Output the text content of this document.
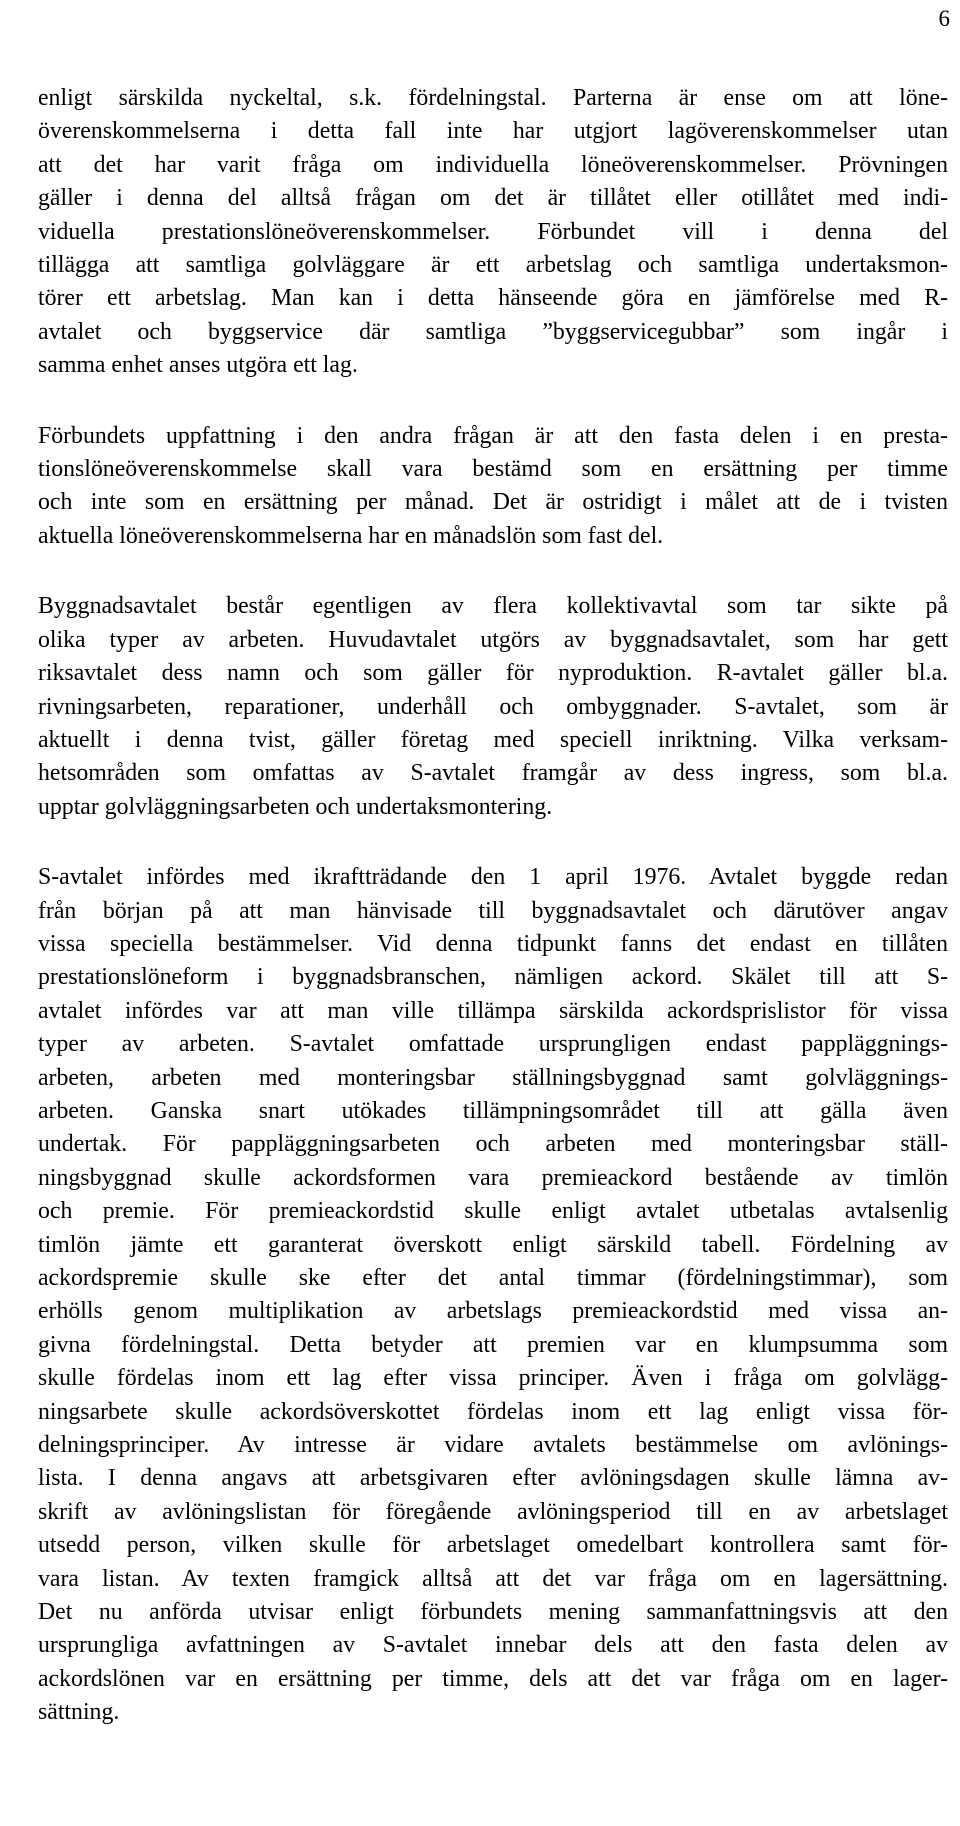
6

enligt särskilda nyckeltal, s.k. fördelningstal. Parterna är ense om att löne-
överenskommelserna i detta fall inte har utgjort lagöverenskommelser utan
att det har varit fråga om individuella löneöverenskommelser. Prövningen
gäller i denna del alltså frågan om det är tillåtet eller otillåtet med indi-
viduella prestationslöneöverenskommelser. Förbundet vill i denna del
tillägga att samtliga golvläggare är ett arbetslag och samtliga undertaksmon-
törer ett arbetslag. Man kan i detta hänseende göra en jämförelse med R-
avtalet och byggservice där samtliga ”byggservicegubbar” som ingår i
samma enhet anses utgöra ett lag.

Förbundets uppfattning i den andra frågan är att den fasta delen i en presta-
tionslöneöverenskommelse skall vara bestämd som en ersättning per timme
och inte som en ersättning per månad. Det är ostridigt i målet att de i tvisten
aktuella löneöverenskommelserna har en månadslön som fast del.

Byggnadsavtalet består egentligen av flera kollektivavtal som tar sikte på
olika typer av arbeten. Huvudavtalet utgörs av byggnadsavtalet, som har gett
riksavtalet dess namn och som gäller för nyproduktion. R-avtalet gäller bl.a.
rivningsarbeten, reparationer, underhåll och ombyggnader. S-avtalet, som är
aktuellt i denna tvist, gäller företag med speciell inriktning. Vilka verksam-
hetsområden som omfattas av S-avtalet framgår av dess ingress, som bl.a.
upptar golvläggningsarbeten och undertaksmontering.

S-avtalet infördes med ikraftträdande den 1 april 1976. Avtalet byggde redan
från början på att man hänvisade till byggnadsavtalet och därutöver angav
vissa speciella bestämmelser. Vid denna tidpunkt fanns det endast en tillåten
prestationslöneform i byggnadsbranschen, nämligen ackord. Skälet till att S-
avtalet infördes var att man ville tillämpa särskilda ackordsprislistor för vissa
typer av arbeten. S-avtalet omfattade ursprungligen endast pappläggnings-
arbeten, arbeten med monteringsbar ställningsbyggnad samt golvläggnings-
arbeten. Ganska snart utökades tillämpningsområdet till att gälla även
undertak. För pappläggningsarbeten och arbeten med monteringsbar ställ-
ningsbyggnad skulle ackordsformen vara premieackord bestående av timlön
och premie. För premieackordstid skulle enligt avtalet utbetalas avtalsenlig
timlön jämte ett garanterat överskott enligt särskild tabell. Fördelning av
ackordspremie skulle ske efter det antal timmar (fördelningstimmar), som
erhölls genom multiplikation av arbetslags premieackordstid med vissa an-
givna fördelningstal. Detta betyder att premien var en klumpsumma som
skulle fördelas inom ett lag efter vissa principer. Även i fråga om golvlägg-
ningsarbete skulle ackordsöverskottet fördelas inom ett lag enligt vissa för-
delningsprinciper. Av intresse är vidare avtalets bestämmelse om avlönings-
lista. I denna angavs att arbetsgivaren efter avlöningsdagen skulle lämna av-
skrift av avlöningslistan för föregående avlöningsperiod till en av arbetslaget
utsedd person, vilken skulle för arbetslaget omedelbart kontrollera samt för-
vara listan. Av texten framgick alltså att det var fråga om en lagersättning.
Det nu anförda utvisar enligt förbundets mening sammanfattningsvis att den
ursprungliga avfattningen av S-avtalet innebar dels att den fasta delen av
ackordslönen var en ersättning per timme, dels att det var fråga om en lager-
sättning.
